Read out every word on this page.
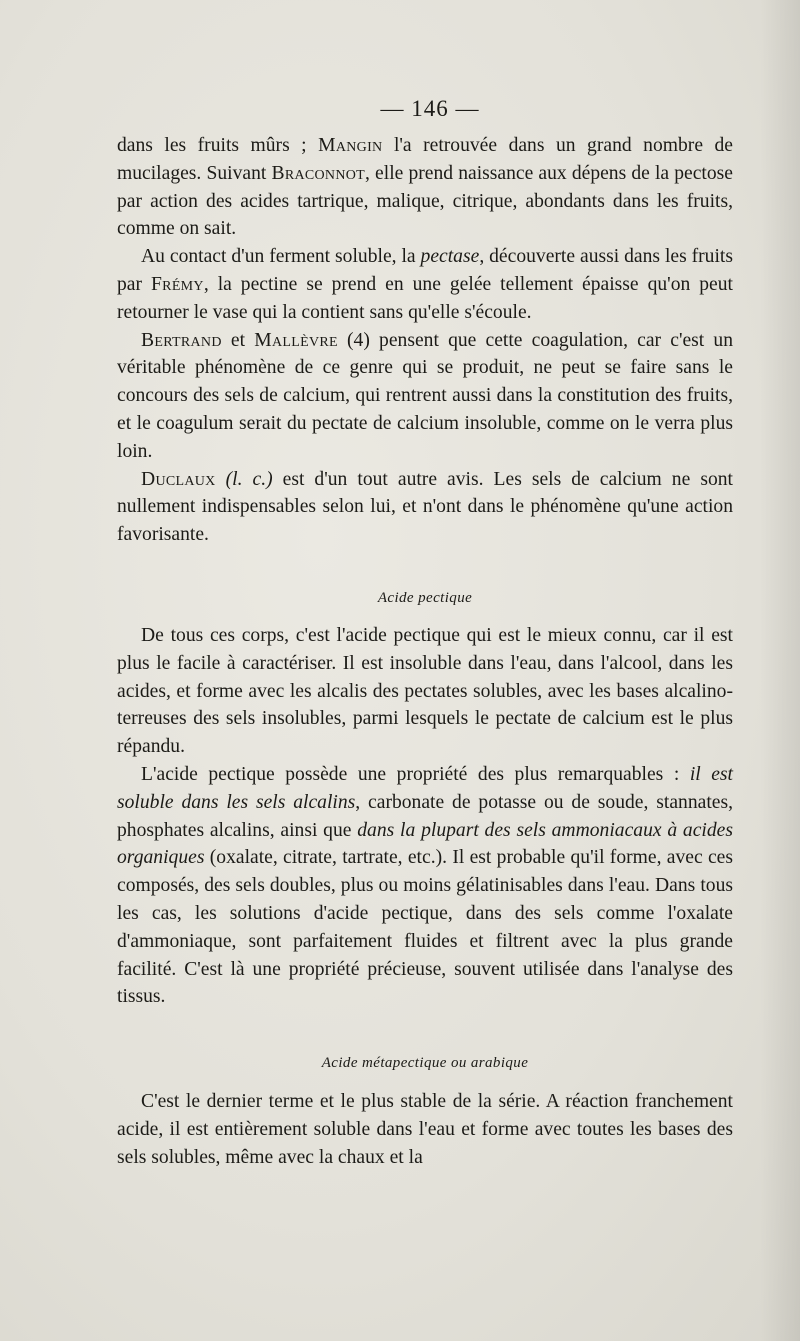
— 146 —

dans les fruits mûrs ; Mangin l'a retrouvée dans un grand nombre de mucilages. Suivant Braconnot, elle prend naissance aux dépens de la pectose par action des acides tartrique, malique, citrique, abondants dans les fruits, comme on sait.

Au contact d'un ferment soluble, la pectase, découverte aussi dans les fruits par Frémy, la pectine se prend en une gelée tellement épaisse qu'on peut retourner le vase qui la contient sans qu'elle s'écoule.

Bertrand et Mallèvre (4) pensent que cette coagulation, car c'est un véritable phénomène de ce genre qui se produit, ne peut se faire sans le concours des sels de calcium, qui rentrent aussi dans la constitution des fruits, et le coagulum serait du pectate de calcium insoluble, comme on le verra plus loin.

Duclaux (l. c.) est d'un tout autre avis. Les sels de calcium ne sont nullement indispensables selon lui, et n'ont dans le phénomène qu'une action favorisante.

Acide pectique

De tous ces corps, c'est l'acide pectique qui est le mieux connu, car il est plus le facile à caractériser. Il est insoluble dans l'eau, dans l'alcool, dans les acides, et forme avec les alcalis des pectates solubles, avec les bases alcalino-terreuses des sels insolubles, parmi lesquels le pectate de calcium est le plus répandu.

L'acide pectique possède une propriété des plus remarquables : il est soluble dans les sels alcalins, carbonate de potasse ou de soude, stannates, phosphates alcalins, ainsi que dans la plupart des sels ammoniacaux à acides organiques (oxalate, citrate, tartrate, etc.). Il est probable qu'il forme, avec ces composés, des sels doubles, plus ou moins gélatinisables dans l'eau. Dans tous les cas, les solutions d'acide pectique, dans des sels comme l'oxalate d'ammoniaque, sont parfaitement fluides et filtrent avec la plus grande facilité. C'est là une propriété précieuse, souvent utilisée dans l'analyse des tissus.

Acide métapectique ou arabique

C'est le dernier terme et le plus stable de la série. A réaction franchement acide, il est entièrement soluble dans l'eau et forme avec toutes les bases des sels solubles, même avec la chaux et la
